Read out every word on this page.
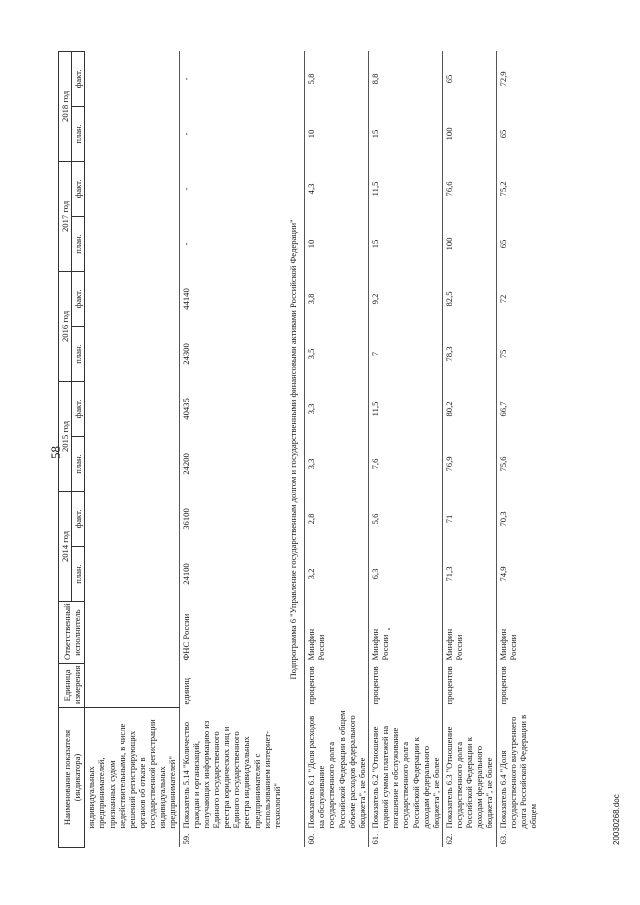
58
Наименование показателя (индикатора)		Единица измерения	Ответственный исполнитель	2014 год		2015 год		2016 год		2017 год		2018 год	
				план.	факт.	план.	факт.	план.	факт.	план.	факт.	план.	факт.
	индивидуальных предпринимателей, признанных судом недействительными, в числе решений регистрирующих органов об отказе в государственной регистрации индивидуальных предпринимателей"												
59.	Показатель 5.14 "Количество граждан и организаций, получающих информацию из Единого государственного реестра юридических лиц и Единого государственного реестра индивидуальных предпринимателей с использованием интернет-технологий"	единиц	ФНС России	24100	36100	24200	40435	24300	44140	-	-	-	-
Подпрограмма 6 "Управление государственным долгом и государственными финансовыми активами Российской Федерации"													
60.	Показатель 6.1 "Доля расходов на обслуживание государственного долга Российской Федерации в общем объеме расходов федерального бюджета", не более	процентов	Минфин России	3,2	2,8	3,3	3,3	3,5	3,8	10	4,3	10	5,8
61.	Показатель 6.2 "Отношение годовой суммы платежей на погашение и обслуживание государственного долга Российской Федерации к доходам федерального бюджета", не более	процентов	Минфин России	6,3	5,6	7,6	11,5	7	9,2	15	11,5	15	8,8
62.	Показатель 6.3 "Отношение государственного долга Российской Федерации к доходам федерального бюджета", не более	процентов	Минфин России	71,3	71	76,9	80,2	78,3	82,5	100	76,6	100	65
63.	Показатель 6.4 "Доля государственного внутреннего долга Российской Федерации в общем	процентов	Минфин России	74,9	70,3	75,6	66,7	75	72	65	75,2	65	72,9
20030268.doc
